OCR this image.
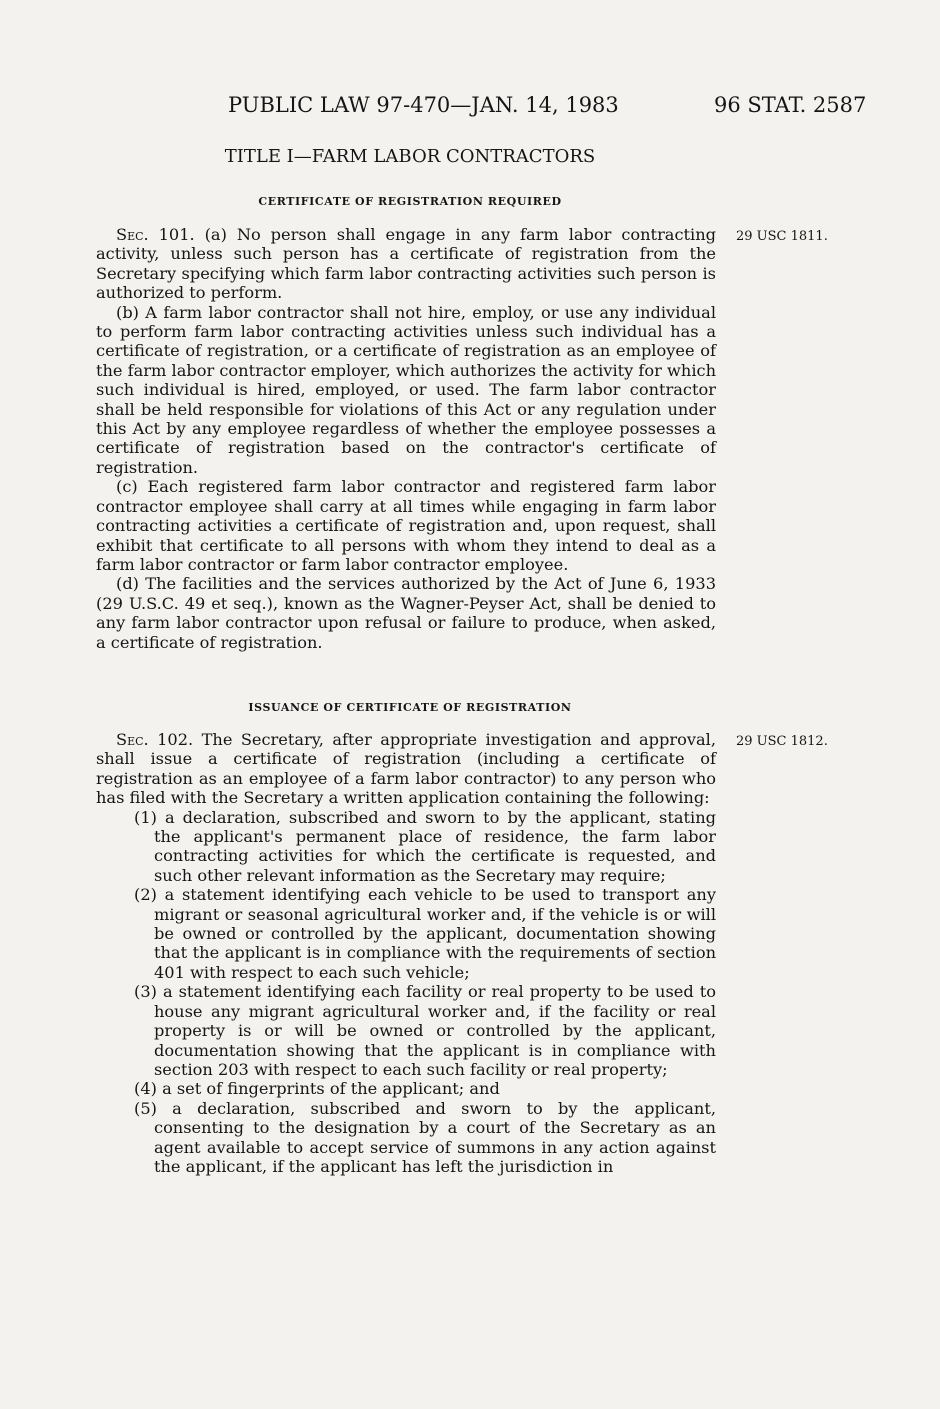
PUBLIC LAW 97-470—JAN. 14, 1983	96 STAT. 2587
TITLE I—FARM LABOR CONTRACTORS
CERTIFICATE OF REGISTRATION REQUIRED
29 USC 1811.

Sec. 101. (a) No person shall engage in any farm labor contracting activity, unless such person has a certificate of registration from the Secretary specifying which farm labor contracting activities such person is authorized to perform.

(b) A farm labor contractor shall not hire, employ, or use any individual to perform farm labor contracting activities unless such individual has a certificate of registration, or a certificate of registration as an employee of the farm labor contractor employer, which authorizes the activity for which such individual is hired, employed, or used. The farm labor contractor shall be held responsible for violations of this Act or any regulation under this Act by any employee regardless of whether the employee possesses a certificate of registration based on the contractor's certificate of registration.

(c) Each registered farm labor contractor and registered farm labor contractor employee shall carry at all times while engaging in farm labor contracting activities a certificate of registration and, upon request, shall exhibit that certificate to all persons with whom they intend to deal as a farm labor contractor or farm labor contractor employee.

(d) The facilities and the services authorized by the Act of June 6, 1933 (29 U.S.C. 49 et seq.), known as the Wagner-Peyser Act, shall be denied to any farm labor contractor upon refusal or failure to produce, when asked, a certificate of registration.

ISSUANCE OF CERTIFICATE OF REGISTRATION
29 USC 1812.

Sec. 102. The Secretary, after appropriate investigation and approval, shall issue a certificate of registration (including a certificate of registration as an employee of a farm labor contractor) to any person who has filed with the Secretary a written application containing the following:

(1) a declaration, subscribed and sworn to by the applicant, stating the applicant's permanent place of residence, the farm labor contracting activities for which the certificate is requested, and such other relevant information as the Secretary may require;

(2) a statement identifying each vehicle to be used to transport any migrant or seasonal agricultural worker and, if the vehicle is or will be owned or controlled by the applicant, documentation showing that the applicant is in compliance with the requirements of section 401 with respect to each such vehicle;

(3) a statement identifying each facility or real property to be used to house any migrant agricultural worker and, if the facility or real property is or will be owned or controlled by the applicant, documentation showing that the applicant is in compliance with section 203 with respect to each such facility or real property;

(4) a set of fingerprints of the applicant; and

(5) a declaration, subscribed and sworn to by the applicant, consenting to the designation by a court of the Secretary as an agent available to accept service of summons in any action against the applicant, if the applicant has left the jurisdiction in
